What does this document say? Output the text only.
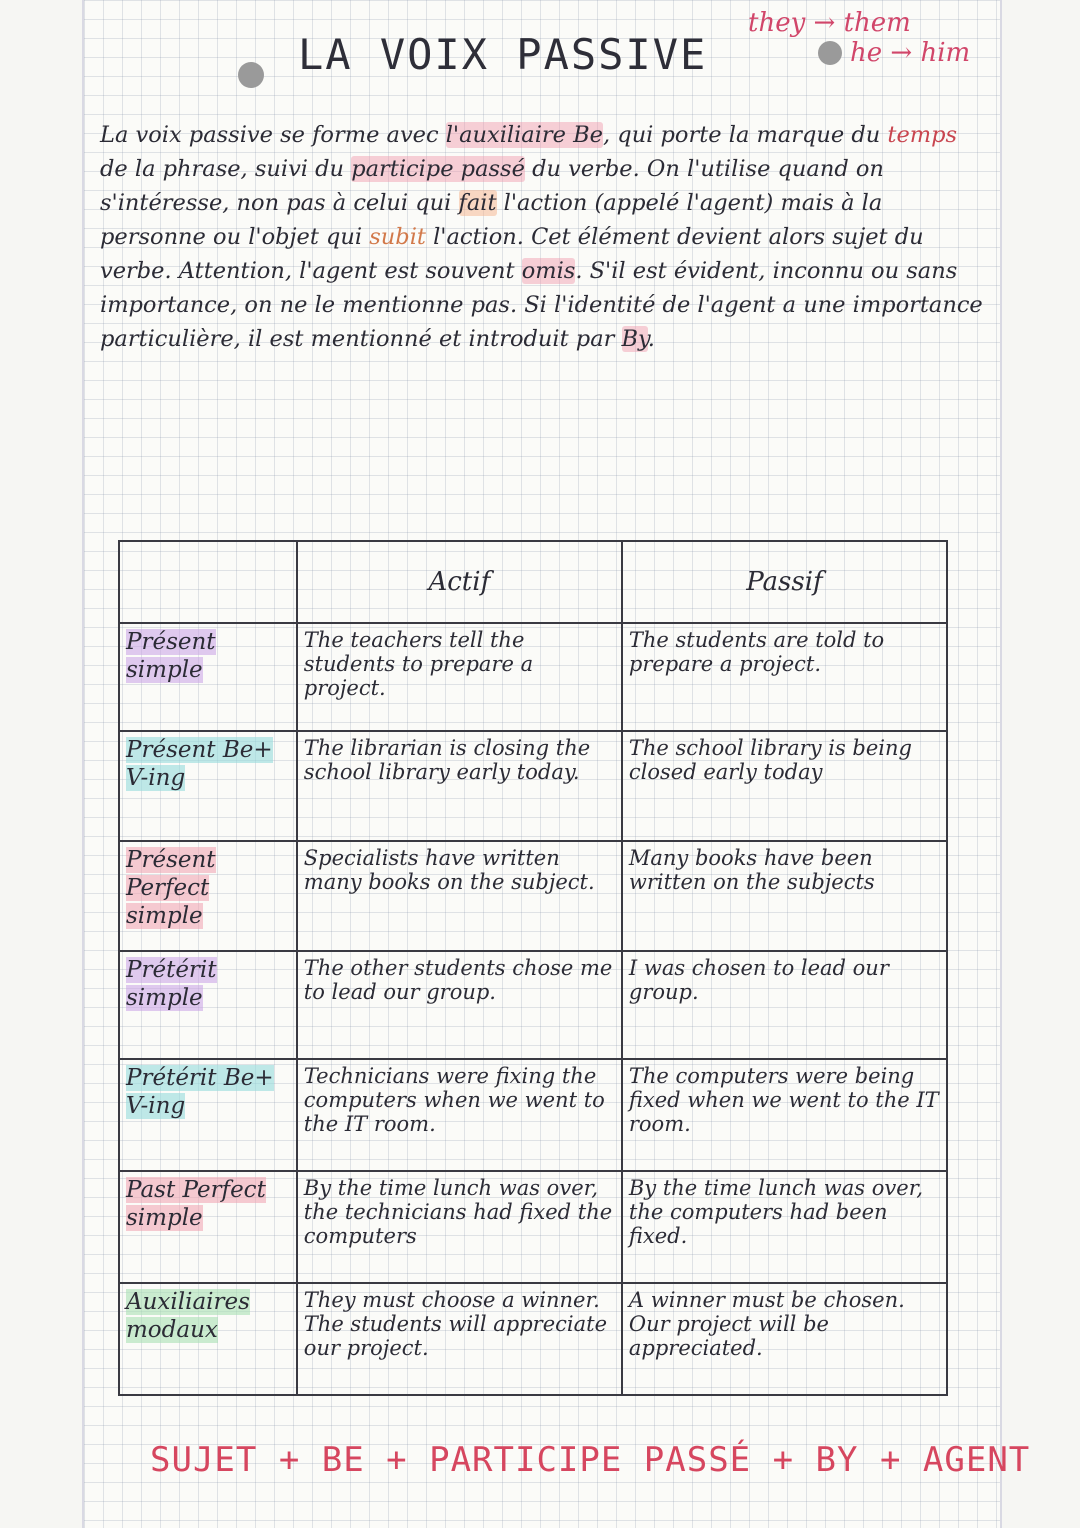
LA VOIX PASSIVE
they → them
he → him

La voix passive se forme avec l'auxiliaire Be, qui porte la marque du temps de la phrase, suivi du participe passé du verbe. On l'utilise quand on s'intéresse, non pas à celui qui fait l'action (appelé l'agent) mais à la personne ou l'objet qui subit l'action. Cet élément devient alors sujet du verbe. Attention, l'agent est souvent omis. S'il est évident, inconnu ou sans importance, on ne le mentionne pas. Si l'identité de l'agent a une importance particulière, il est mentionné et introduit par By.

	Actif	Passif
Présent simple	The teachers tell the students to prepare a project.	The students are told to prepare a project.
Présent Be+ V-ing	The librarian is closing the school library early today.	The school library is being closed early today
Présent Perfect simple	Specialists have written many books on the subject.	Many books have been written on the subjects
Prétérit simple	The other students chose me to lead our group.	I was chosen to lead our group.
Prétérit Be+ V-ing	Technicians were fixing the computers when we went to the IT room.	The computers were being fixed when we went to the IT room.
Past Perfect simple	By the time lunch was over, the technicians had fixed the computers	By the time lunch was over, the computers had been fixed.
Auxiliaires modaux	They must choose a winner. The students will appreciate our project.	A winner must be chosen. Our project will be appreciated.
SUJET + BE + PARTICIPE PASSÉ + BY + AGENT
